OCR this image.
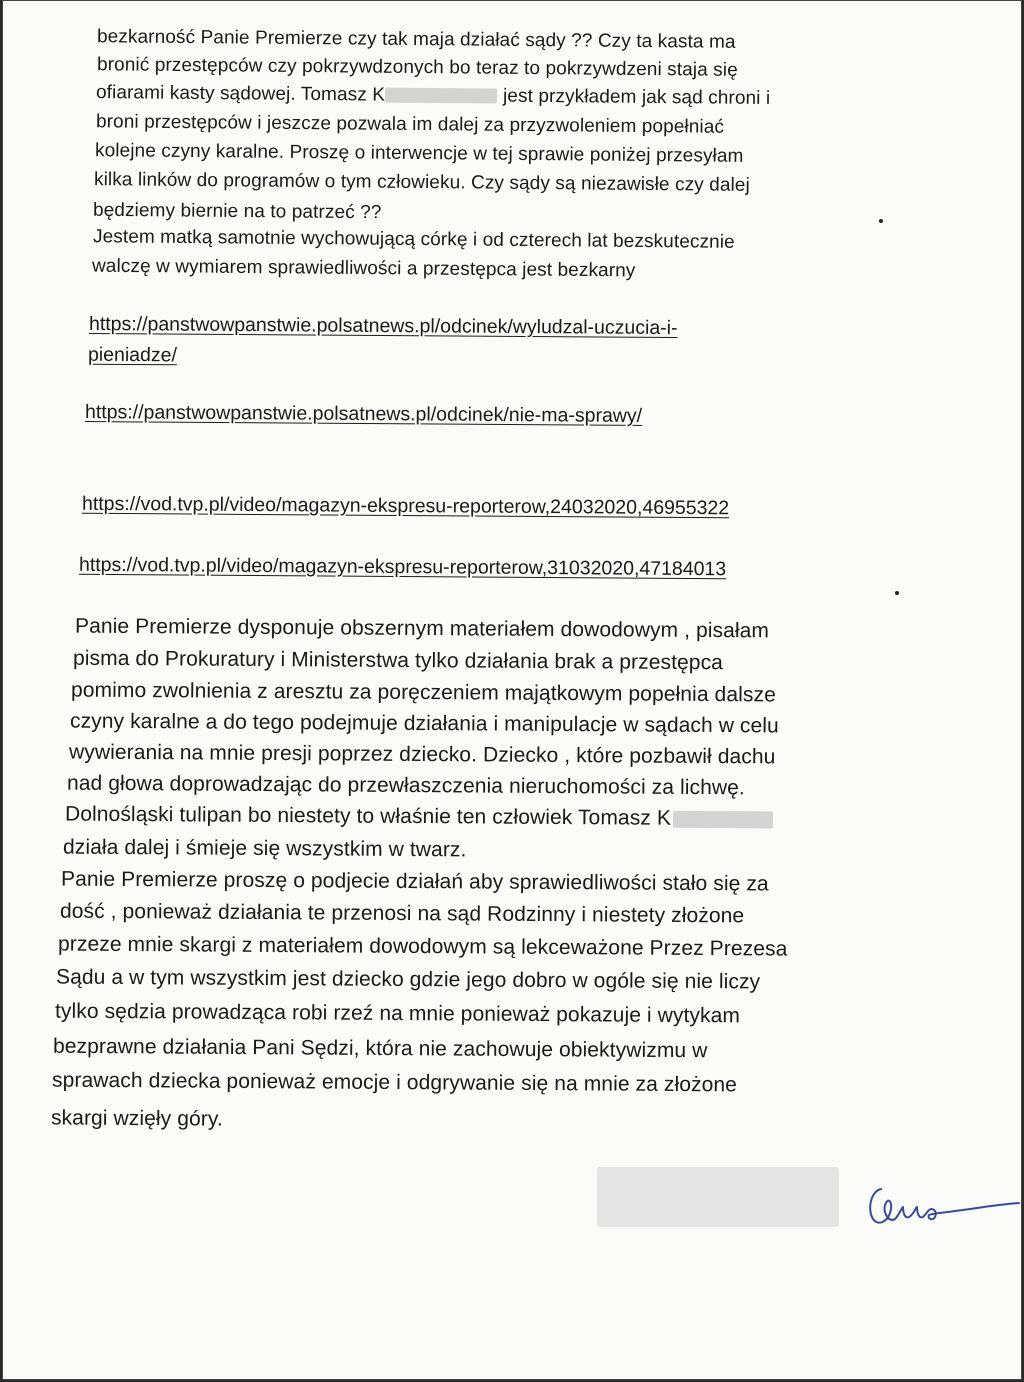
bezkarność Panie Premierze czy tak maja działać sądy ?? Czy ta kasta ma
bronić przestępców czy pokrzywdzonych bo teraz to pokrzywdzeni staja się
ofiarami kasty sądowej. Tomasz K	jest przykładem jak sąd chroni i
broni przestępców i jeszcze pozwala im dalej za przyzwoleniem popełniać
kolejne czyny karalne. Proszę o interwencje w tej sprawie poniżej przesyłam
kilka linków do programów o tym człowieku. Czy sądy są niezawisłe czy dalej
będziemy biernie na to patrzeć ??
Jestem matką samotnie wychowującą córkę i od czterech lat bezskutecznie
walczę w wymiarem sprawiedliwości a przestępca jest bezkarny
https://panstwowpanstwie.polsatnews.pl/odcinek/wyludzal-uczucia-i-
pieniadze/
https://panstwowpanstwie.polsatnews.pl/odcinek/nie-ma-sprawy/
https://vod.tvp.pl/video/magazyn-ekspresu-reporterow,24032020,46955322
https://vod.tvp.pl/video/magazyn-ekspresu-reporterow,31032020,47184013
Panie Premierze dysponuje obszernym materiałem dowodowym , pisałam
pisma do Prokuratury i Ministerstwa tylko działania brak a przestępca
pomimo zwolnienia z aresztu za poręczeniem majątkowym popełnia dalsze
czyny karalne a do tego podejmuje działania i manipulacje w sądach w celu
wywierania na mnie presji poprzez dziecko. Dziecko , które pozbawił dachu
nad głowa doprowadzając do przewłaszczenia nieruchomości za lichwę.
Dolnośląski tulipan bo niestety to właśnie ten człowiek Tomasz K
działa dalej i śmieje się wszystkim w twarz.
Panie Premierze proszę o podjecie działań aby sprawiedliwości stało się za
dość , ponieważ działania te przenosi na sąd Rodzinny i niestety złożone
przeze mnie skargi z materiałem dowodowym są lekceważone Przez Prezesa
Sądu a w tym wszystkim jest dziecko gdzie jego dobro w ogóle się nie liczy
tylko sędzia prowadząca robi rzeź na mnie ponieważ pokazuje i wytykam
bezprawne działania Pani Sędzi, która nie zachowuje obiektywizmu w
sprawach dziecka ponieważ emocje i odgrywanie się na mnie za złożone
skargi wzięły góry.
